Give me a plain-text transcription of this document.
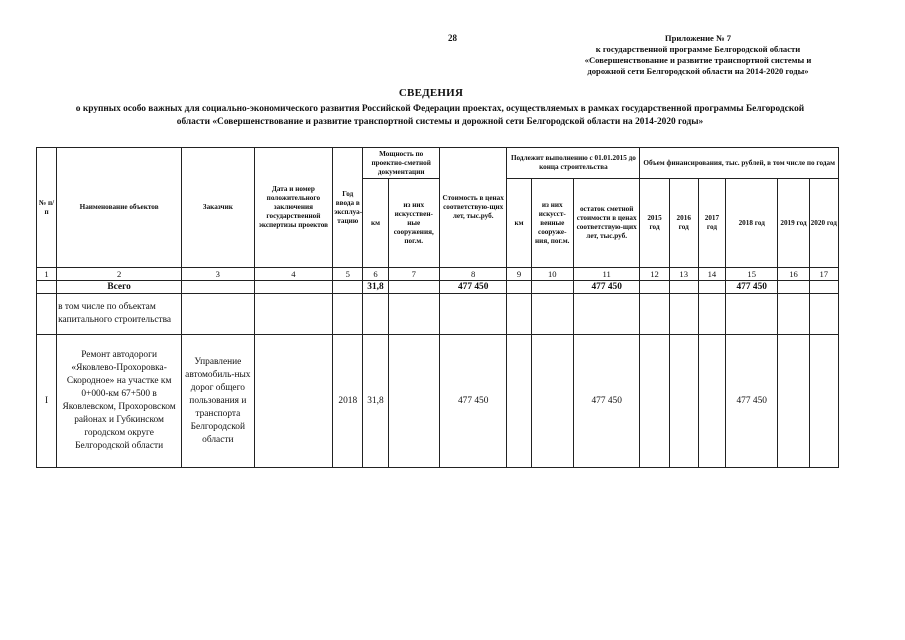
28	Приложение № 7
к государственной программе Белгородской области
«Совершенствование и развитие транспортной системы и
дорожной сети Белгородской области на 2014-2020 годы»
СВЕДЕНИЯ
о крупных особо важных для социально-экономического развития Российской Федерации проектах, осуществляемых в рамках государственной программы Белгородской области «Совершенствование и развитие транспортной системы и дорожной сети Белгородской области на 2014-2020 годы»
№ п/п	Наименование объектов	Заказчик	Дата и номер положительного заключения государственной экспертизы проектов	Год ввода в эксплуа-тацию	Мощность по проектно-сметной документации		Стоимость в ценах соответствую-щих лет, тыс.руб.	Подлежит выполнению с 01.01.2015 до конца строительства			Объем финансирования, тыс. рублей, в том числе по годам					
					км	из них искусствен-ные сооружения, пог.м.		км	из них искусст-венные сооруже-ния, пог.м.	остаток сметной стоимости в ценах соответствую-щих лет, тыс.руб.	2015 год	2016 год	2017 год	2018 год	2019 год	2020 год
1	2	3	4	5	6	7	8	9	10	11	12	13	14	15	16	17
	Всего				31,8		477 450			477 450				477 450		
	в том числе по объектам капитального строительства															
I	Ремонт автодороги «Яковлево-Прохоровка-Скородное» на участке км 0+000-км 67+500 в Яковлевском, Прохоровском районах и Губкинском городском округе Белгородской области	Управление автомобиль-ных дорог общего пользования и транспорта Белгородской области		2018	31,8		477 450			477 450				477 450		
